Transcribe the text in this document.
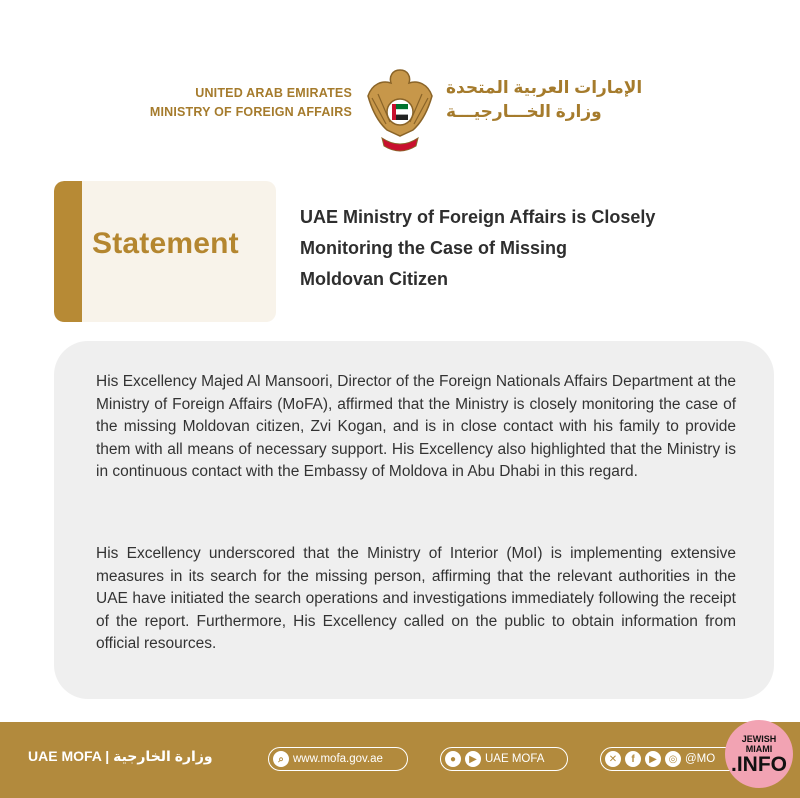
UNITED ARAB EMIRATES
MINISTRY OF FOREIGN AFFAIRS
الإمارات العربية المتحدة
وزارة الخـــارجيـــة
Statement
UAE Ministry of Foreign Affairs is Closely
Monitoring the Case of Missing
Moldovan Citizen
His Excellency Majed Al Mansoori, Director of the Foreign Nationals Affairs Department at the Ministry of Foreign Affairs (MoFA), affirmed that the Ministry is closely monitoring the case of the missing Moldovan citizen, Zvi Kogan, and is in close contact with his family to provide them with all means of necessary support. His Excellency also highlighted that the Ministry is in continuous contact with the Embassy of Moldova in Abu Dhabi in this regard.
His Excellency underscored that the Ministry of Interior (MoI) is implementing extensive measures in its search for the missing person, affirming that the relevant authorities in the UAE have initiated the search operations and investigations immediately following the receipt of the report. Furthermore, His Excellency called on the public to obtain information from official resources.
UAE MOFA | وزارة الخارجية	⌕ www.mofa.gov.ae	●	▶ UAE MOFA	✕	f	▶	◎ @MO
JEWISH
MIAMI
.INFO
